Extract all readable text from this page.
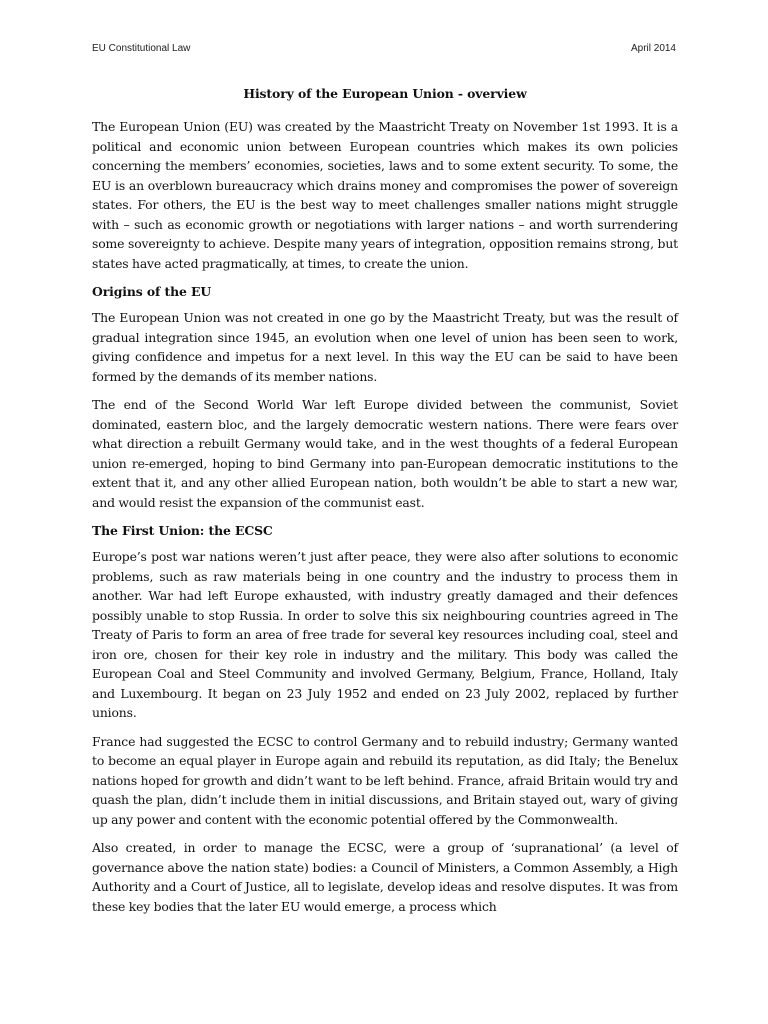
EU Constitutional Law	April 2014
History of the European Union - overview

The European Union (EU) was created by the Maastricht Treaty on November 1st 1993. It is a political and economic union between European countries which makes its own policies concerning the members’ economies, societies, laws and to some extent security. To some, the EU is an overblown bureaucracy which drains money and compromises the power of sovereign states. For others, the EU is the best way to meet challenges smaller nations might struggle with – such as economic growth or negotiations with larger nations – and worth surrendering some sovereignty to achieve. Despite many years of integration, opposition remains strong, but states have acted pragmatically, at times, to create the union.

Origins of the EU

The European Union was not created in one go by the Maastricht Treaty, but was the result of gradual integration since 1945, an evolution when one level of union has been seen to work, giving confidence and impetus for a next level. In this way the EU can be said to have been formed by the demands of its member nations.

The end of the Second World War left Europe divided between the communist, Soviet dominated, eastern bloc, and the largely democratic western nations. There were fears over what direction a rebuilt Germany would take, and in the west thoughts of a federal European union re-emerged, hoping to bind Germany into pan-European democratic institutions to the extent that it, and any other allied European nation, both wouldn’t be able to start a new war, and would resist the expansion of the communist east.

The First Union: the ECSC

Europe’s post war nations weren’t just after peace, they were also after solutions to economic problems, such as raw materials being in one country and the industry to process them in another. War had left Europe exhausted, with industry greatly damaged and their defences possibly unable to stop Russia. In order to solve this six neighbouring countries agreed in The Treaty of Paris to form an area of free trade for several key resources including coal, steel and iron ore, chosen for their key role in industry and the military. This body was called the European Coal and Steel Community and involved Germany, Belgium, France, Holland, Italy and Luxembourg. It began on 23 July 1952 and ended on 23 July 2002, replaced by further unions.

France had suggested the ECSC to control Germany and to rebuild industry; Germany wanted to become an equal player in Europe again and rebuild its reputation, as did Italy; the Benelux nations hoped for growth and didn’t want to be left behind. France, afraid Britain would try and quash the plan, didn’t include them in initial discussions, and Britain stayed out, wary of giving up any power and content with the economic potential offered by the Commonwealth.

Also created, in order to manage the ECSC, were a group of ‘supranational’ (a level of governance above the nation state) bodies: a Council of Ministers, a Common Assembly, a High Authority and a Court of Justice, all to legislate, develop ideas and resolve disputes. It was from these key bodies that the later EU would emerge, a process which
